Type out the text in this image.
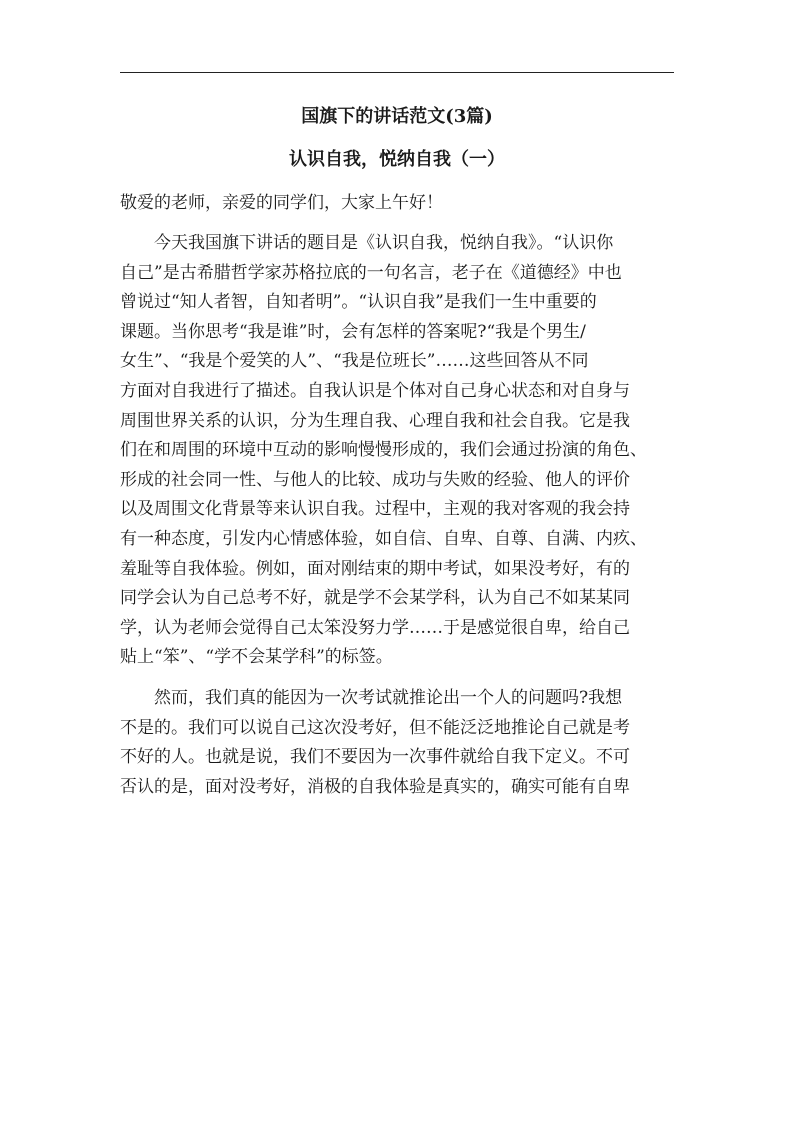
国旗下的讲话范文(3篇)
认识自我，悦纳自我（一）
敬爱的老师，亲爱的同学们，大家上午好！
今天我国旗下讲话的题目是《认识自我，悦纳自我》。“认识你
自己”是古希腊哲学家苏格拉底的一句名言，老子在《道德经》中也
曾说过“知人者智，自知者明”。“认识自我”是我们一生中重要的
课题。当你思考“我是谁”时，会有怎样的答案呢?“我是个男生/
女生”、“我是个爱笑的人”、“我是位班长”……这些回答从不同
方面对自我进行了描述。自我认识是个体对自己身心状态和对自身与
周围世界关系的认识，分为生理自我、心理自我和社会自我。它是我
们在和周围的环境中互动的影响慢慢形成的，我们会通过扮演的角色、
形成的社会同一性、与他人的比较、成功与失败的经验、他人的评价
以及周围文化背景等来认识自我。过程中，主观的我对客观的我会持
有一种态度，引发内心情感体验，如自信、自卑、自尊、自满、内疚、
羞耻等自我体验。例如，面对刚结束的期中考试，如果没考好，有的
同学会认为自己总考不好，就是学不会某学科，认为自己不如某某同
学，认为老师会觉得自己太笨没努力学……于是感觉很自卑，给自己
贴上“笨”、“学不会某学科”的标签。
然而，我们真的能因为一次考试就推论出一个人的问题吗?我想
不是的。我们可以说自己这次没考好，但不能泛泛地推论自己就是考
不好的人。也就是说，我们不要因为一次事件就给自我下定义。不可
否认的是，面对没考好，消极的自我体验是真实的，确实可能有自卑
